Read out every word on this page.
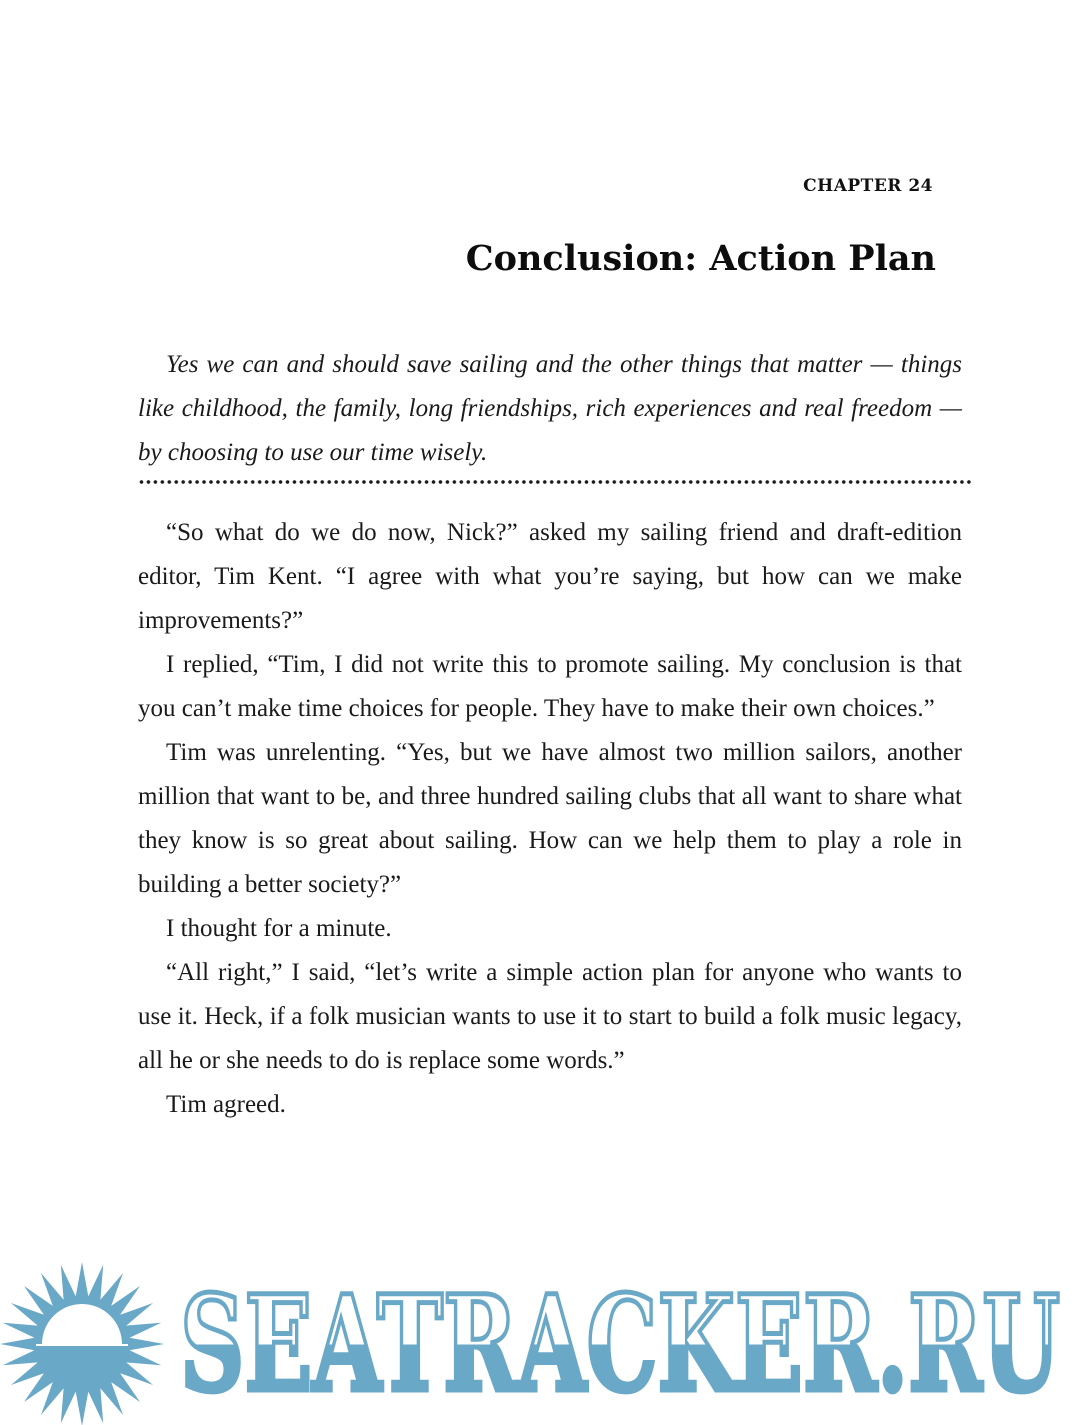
CHAPTER 24
Conclusion: Action Plan

Yes we can and should save sailing and the other things that matter — things like childhood, the family, long friendships, rich experiences and real freedom — by choosing to use our time wisely.

“So what do we do now, Nick?” asked my sailing friend and draft-edition editor, Tim Kent. “I agree with what you’re saying, but how can we make improvements?”

I replied, “Tim, I did not write this to promote sailing. My conclusion is that you can’t make time choices for people. They have to make their own choices.”

Tim was unrelenting. “Yes, but we have almost two million sailors, another million that want to be, and three hundred sailing clubs that all want to share what they know is so great about sailing. How can we help them to play a role in building a better society?”

I thought for a minute.

“All right,” I said, “let’s write a simple action plan for anyone who wants to use it. Heck, if a folk musician wants to use it to start to build a folk music legacy, all he or she needs to do is replace some words.”

Tim agreed.

SEATRACKER.RU
